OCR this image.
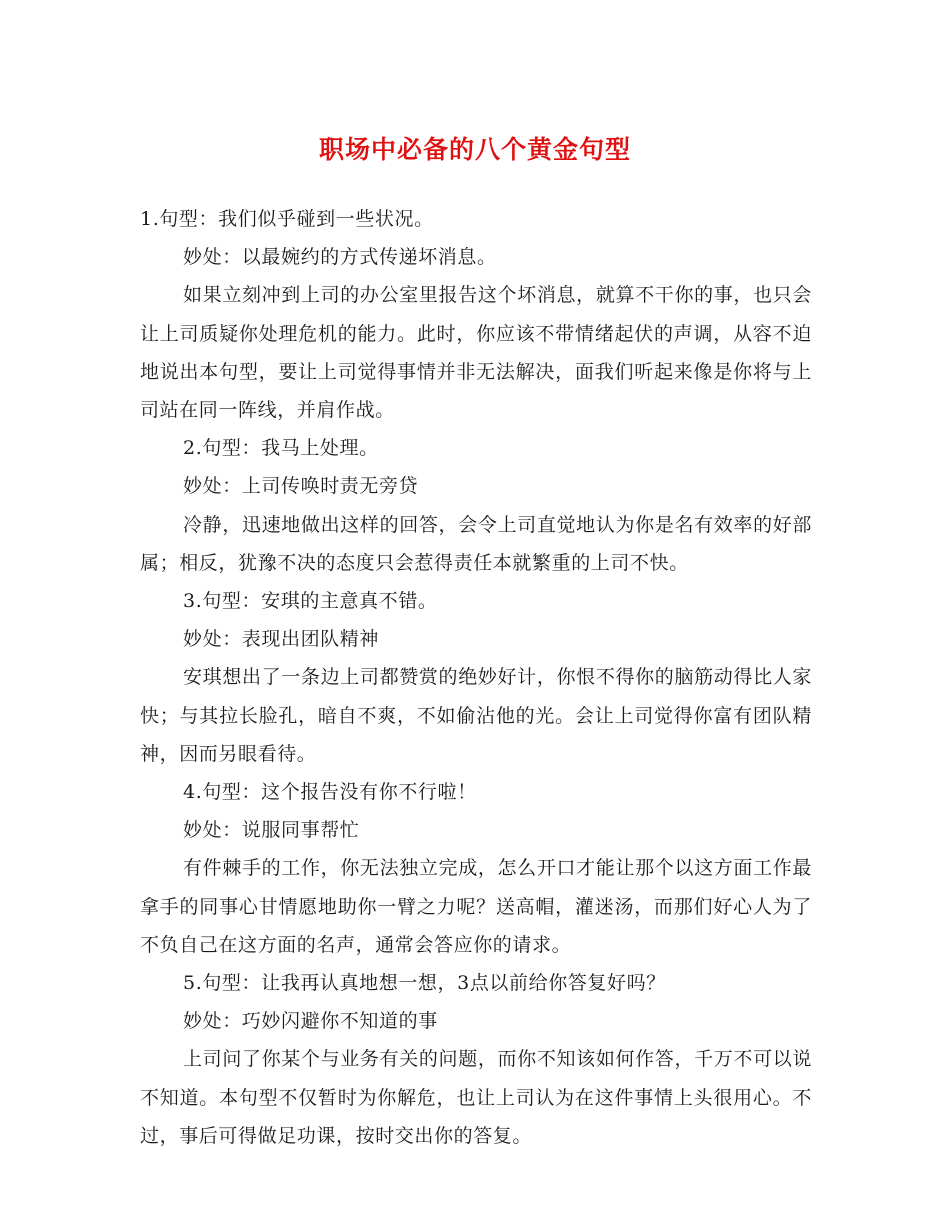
职场中必备的八个黄金句型

1.句型：我们似乎碰到一些状况。

妙处：以最婉约的方式传递坏消息。

如果立刻冲到上司的办公室里报告这个坏消息，就算不干你的事，也只会让上司质疑你处理危机的能力。此时，你应该不带情绪起伏的声调，从容不迫地说出本句型，要让上司觉得事情并非无法解决，面我们听起来像是你将与上司站在同一阵线，并肩作战。

2.句型：我马上处理。

妙处：上司传唤时责无旁贷

冷静，迅速地做出这样的回答，会令上司直觉地认为你是名有效率的好部属；相反，犹豫不决的态度只会惹得责任本就繁重的上司不快。

3.句型：安琪的主意真不错。

妙处：表现出团队精神

安琪想出了一条边上司都赞赏的绝妙好计，你恨不得你的脑筋动得比人家快；与其拉长脸孔，暗自不爽，不如偷沾他的光。会让上司觉得你富有团队精神，因而另眼看待。

4.句型：这个报告没有你不行啦！

妙处：说服同事帮忙

有件棘手的工作，你无法独立完成，怎么开口才能让那个以这方面工作最拿手的同事心甘情愿地助你一臂之力呢？送高帽，灌迷汤，而那们好心人为了不负自己在这方面的名声，通常会答应你的请求。

5.句型：让我再认真地想一想，3点以前给你答复好吗？

妙处：巧妙闪避你不知道的事

上司问了你某个与业务有关的问题，而你不知该如何作答，千万不可以说不知道。本句型不仅暂时为你解危，也让上司认为在这件事情上头很用心。不过，事后可得做足功课，按时交出你的答复。
